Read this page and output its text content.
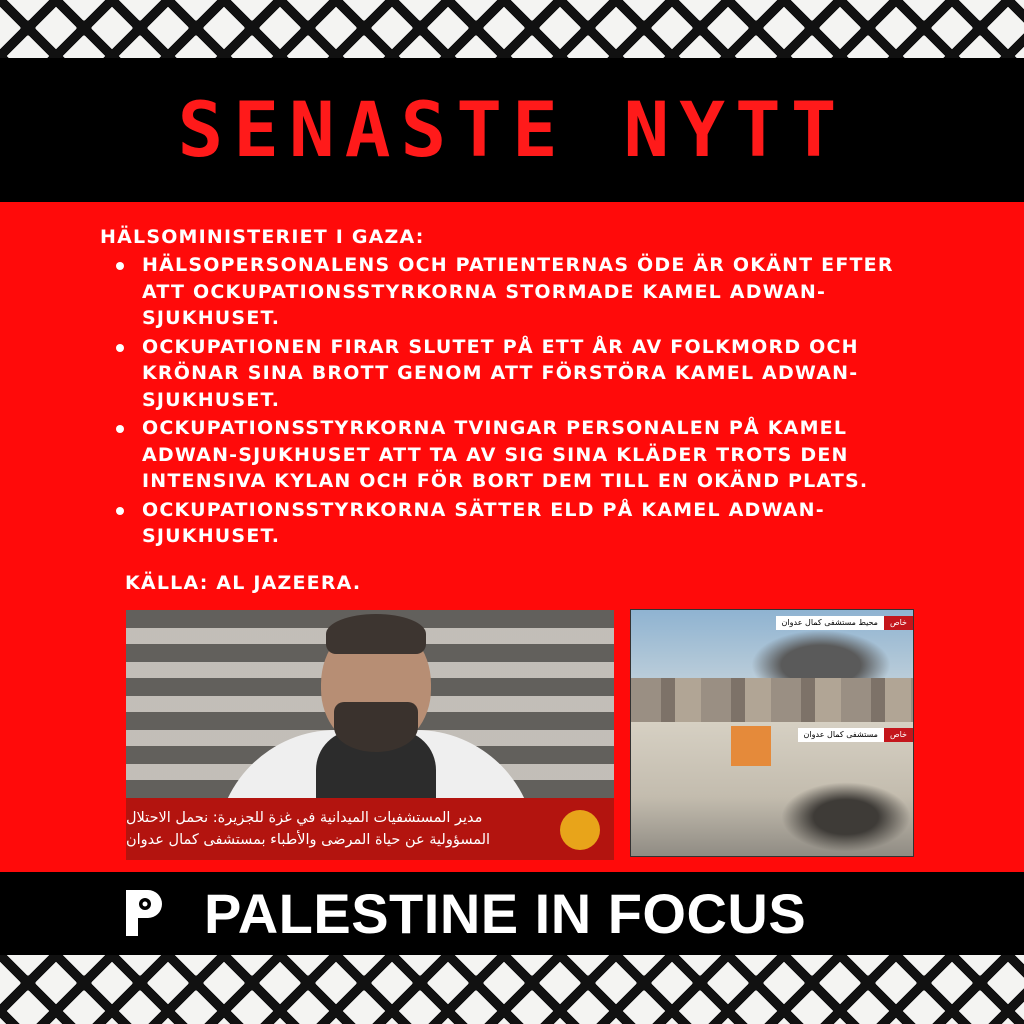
SENASTE NYTT
HÄLSOMINISTERIET I GAZA:
HÄLSOPERSONALENS OCH PATIENTERNAS ÖDE ÄR OKÄNT EFTER ATT OCKUPATIONSSTYRKORNA STORMADE KAMEL ADWAN-SJUKHUSET.
OCKUPATIONEN FIRAR SLUTET PÅ ETT ÅR AV FOLKMORD OCH KRÖNAR SINA BROTT GENOM ATT FÖRSTÖRA KAMEL ADWAN-SJUKHUSET.
OCKUPATIONSSTYRKORNA TVINGAR PERSONALEN PÅ KAMEL ADWAN-SJUKHUSET ATT TA AV SIG SINA KLÄDER TROTS DEN INTENSIVA KYLAN OCH FÖR BORT DEM TILL EN OKÄND PLATS.
OCKUPATIONSSTYRKORNA SÄTTER ELD PÅ KAMEL ADWAN-SJUKHUSET.
KÄLLA: AL JAZEERA.
مدير المستشفيات الميدانية في غزة للجزيرة: نحمل الاحتلال
المسؤولية عن حياة المرضى والأطباء بمستشفى كمال عدوان
خاص
محيط مستشفى كمال عدوان
خاص
مستشفى كمال عدوان
PALESTINE IN FOCUS
